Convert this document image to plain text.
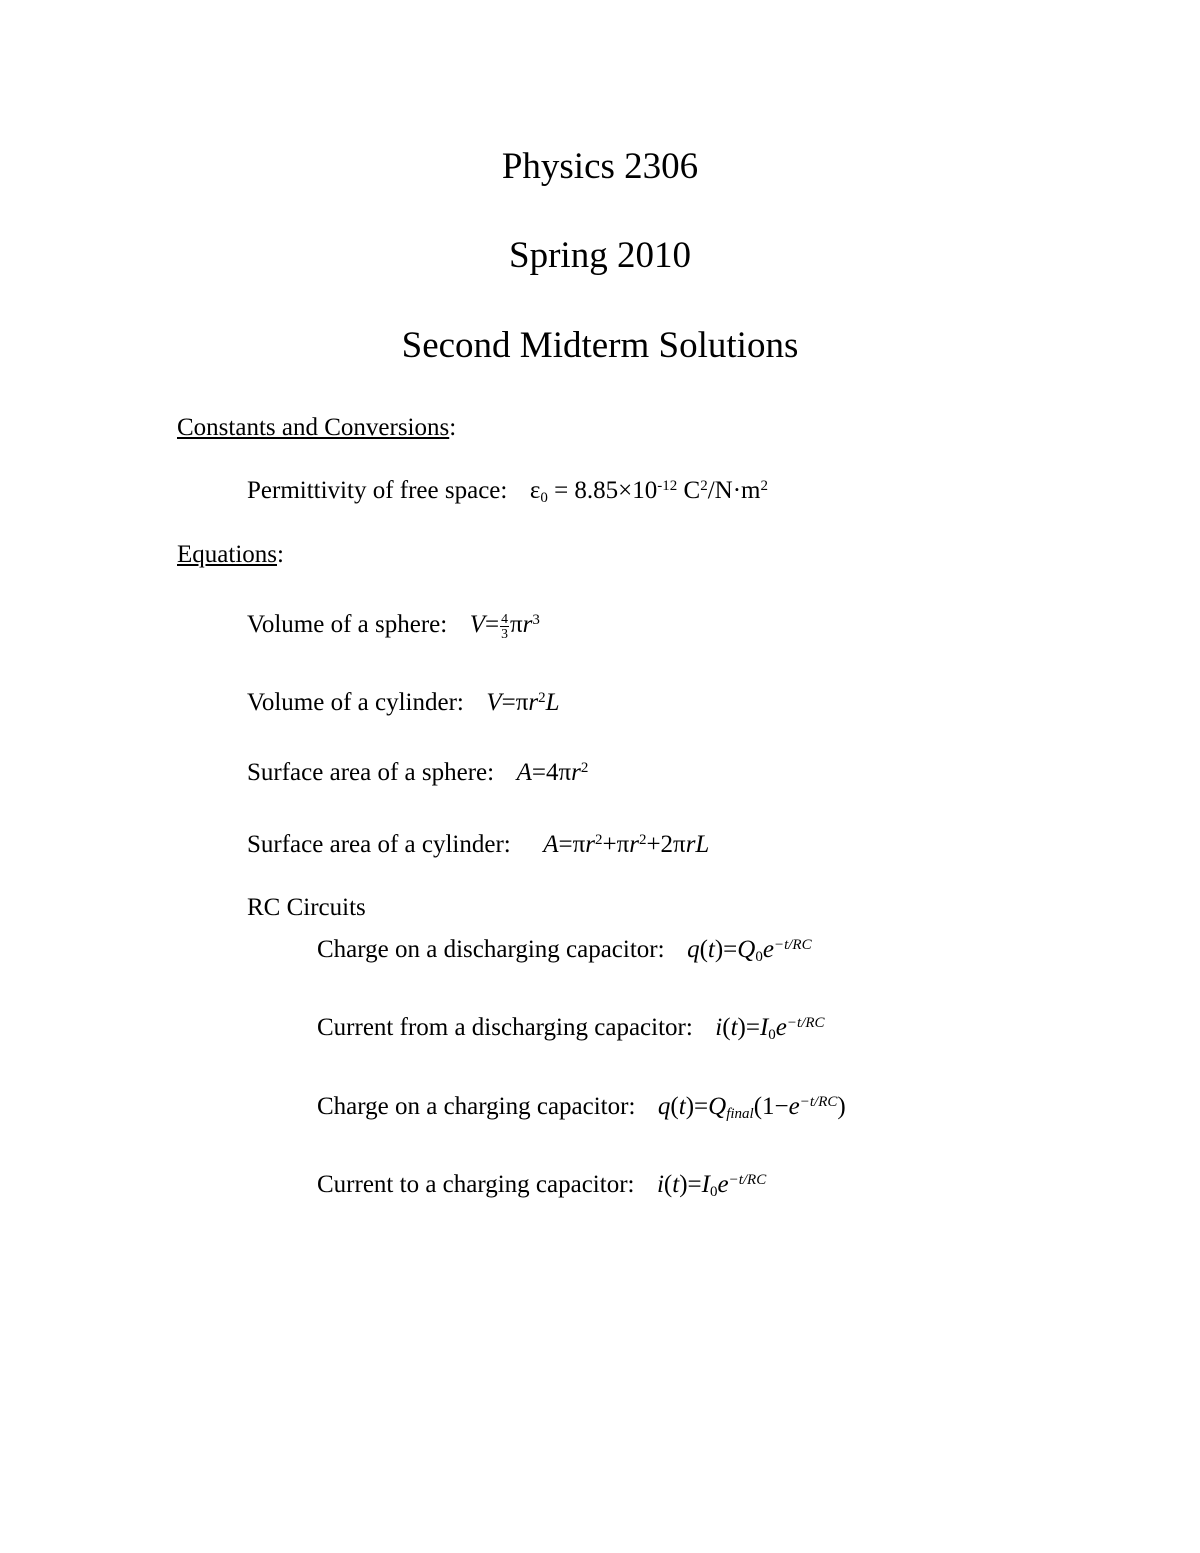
Physics 2306
Spring 2010
Second Midterm Solutions
Constants and Conversions:
Permittivity of free space: $\varepsilon_0 = 8.85\times 10^{-12}$ $C^2/N\cdot m^2$
Equations:
Volume of a sphere: $V= \frac{4}{3} \pi r^3$
Volume of a cylinder: $V=\pi r^2L$
Surface area of a sphere: $A=4\pi r^2$
Surface area of a cylinder: $A=\pi r^2+\pi r^2+2\pi rL$
RC Circuits
Charge on a discharging capacitor: $q(t)=Q_0e^{-t/RC}$
Current from a discharging capacitor: $i(t)=I_0e^{-t/RC}$
Charge on a charging capacitor: $q(t)=Q_{final}(1-e^{-t/RC})$
Current to a charging capacitor: $i(t)=I_0e^{-t/RC}$
